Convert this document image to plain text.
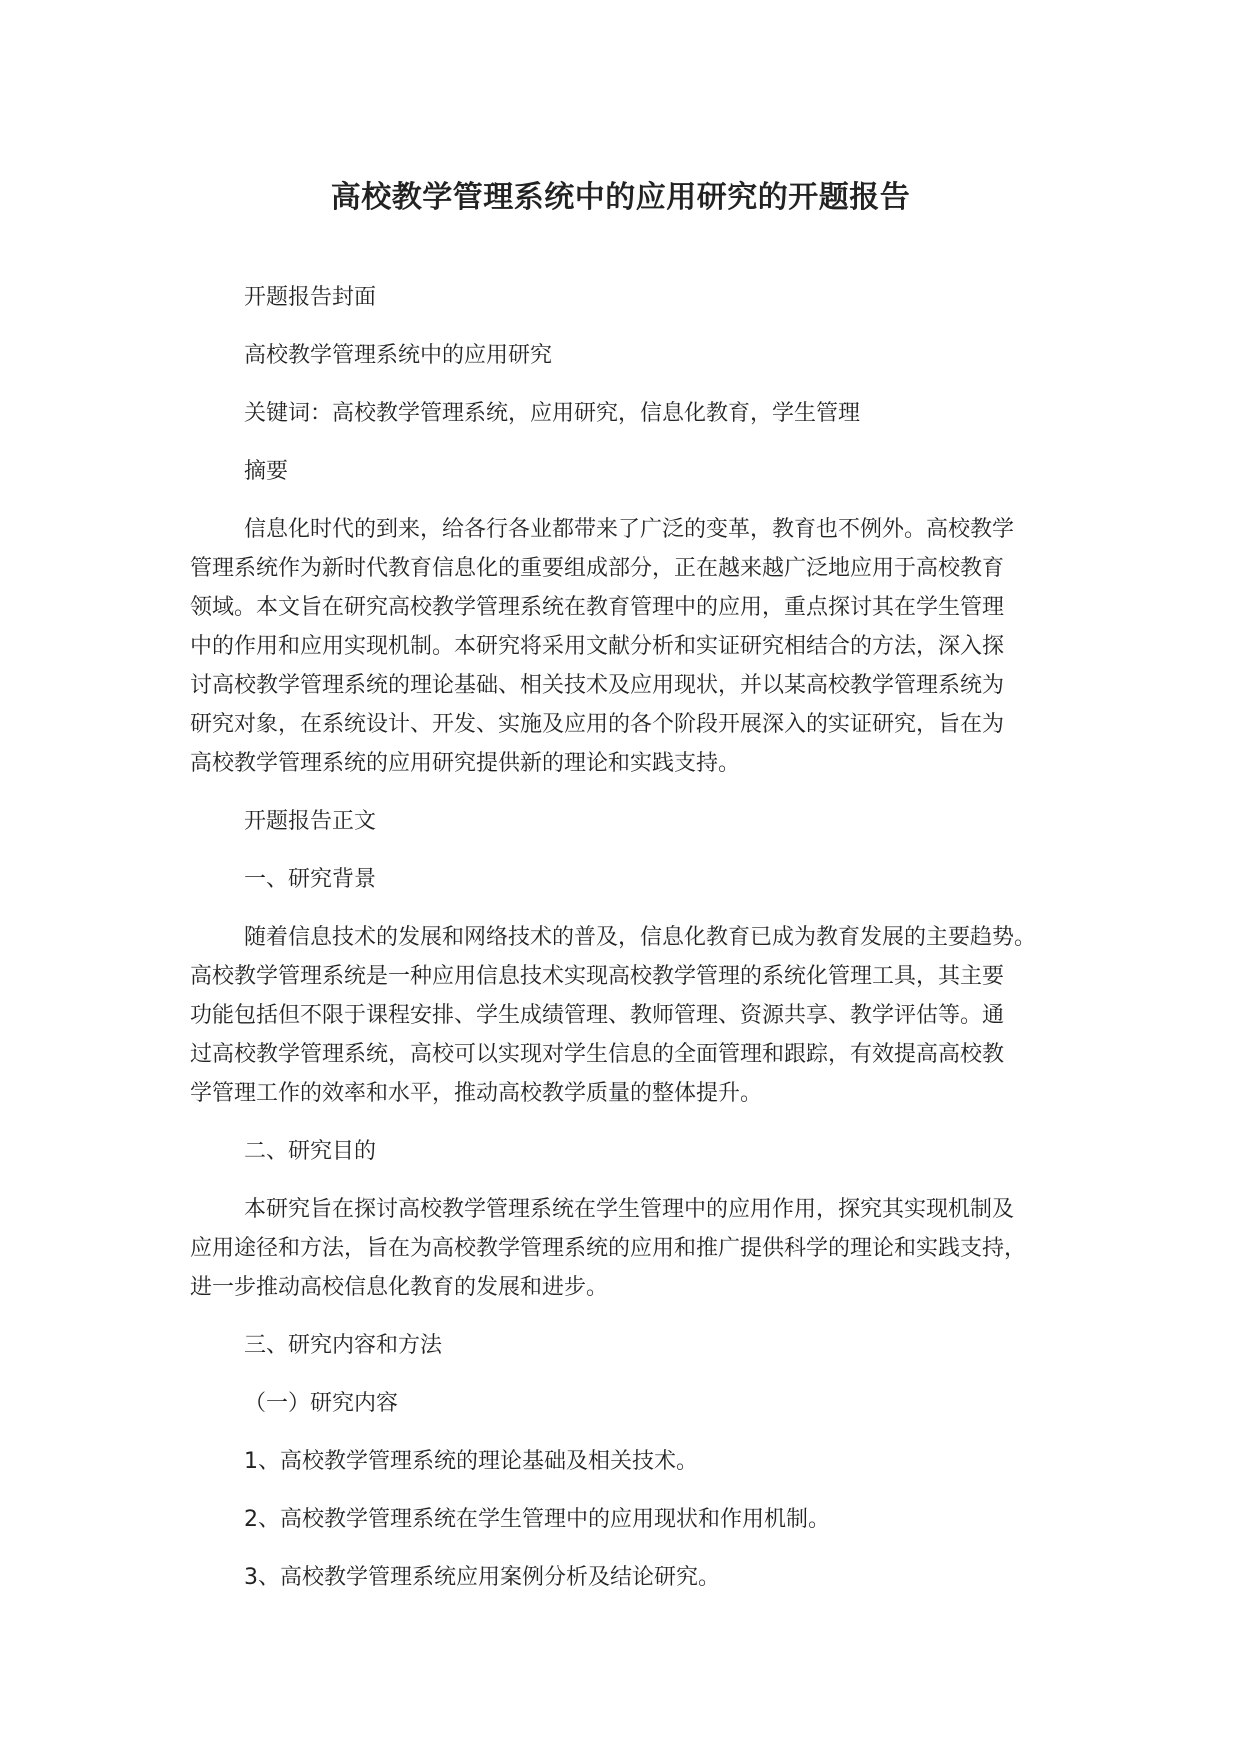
高校教学管理系统中的应用研究的开题报告

开题报告封面

高校教学管理系统中的应用研究

关键词：高校教学管理系统，应用研究，信息化教育，学生管理

摘要

信息化时代的到来，给各行各业都带来了广泛的变革，教育也不例外。高校教学

管理系统作为新时代教育信息化的重要组成部分，正在越来越广泛地应用于高校教育

领域。本文旨在研究高校教学管理系统在教育管理中的应用，重点探讨其在学生管理

中的作用和应用实现机制。本研究将采用文献分析和实证研究相结合的方法，深入探

讨高校教学管理系统的理论基础、相关技术及应用现状，并以某高校教学管理系统为

研究对象，在系统设计、开发、实施及应用的各个阶段开展深入的实证研究，旨在为

高校教学管理系统的应用研究提供新的理论和实践支持。

开题报告正文

一、研究背景

随着信息技术的发展和网络技术的普及，信息化教育已成为教育发展的主要趋势。

高校教学管理系统是一种应用信息技术实现高校教学管理的系统化管理工具，其主要

功能包括但不限于课程安排、学生成绩管理、教师管理、资源共享、教学评估等。通

过高校教学管理系统，高校可以实现对学生信息的全面管理和跟踪，有效提高高校教

学管理工作的效率和水平，推动高校教学质量的整体提升。

二、研究目的

本研究旨在探讨高校教学管理系统在学生管理中的应用作用，探究其实现机制及

应用途径和方法，旨在为高校教学管理系统的应用和推广提供科学的理论和实践支持，

进一步推动高校信息化教育的发展和进步。

三、研究内容和方法

（一）研究内容

1、高校教学管理系统的理论基础及相关技术。

2、高校教学管理系统在学生管理中的应用现状和作用机制。

3、高校教学管理系统应用案例分析及结论研究。
